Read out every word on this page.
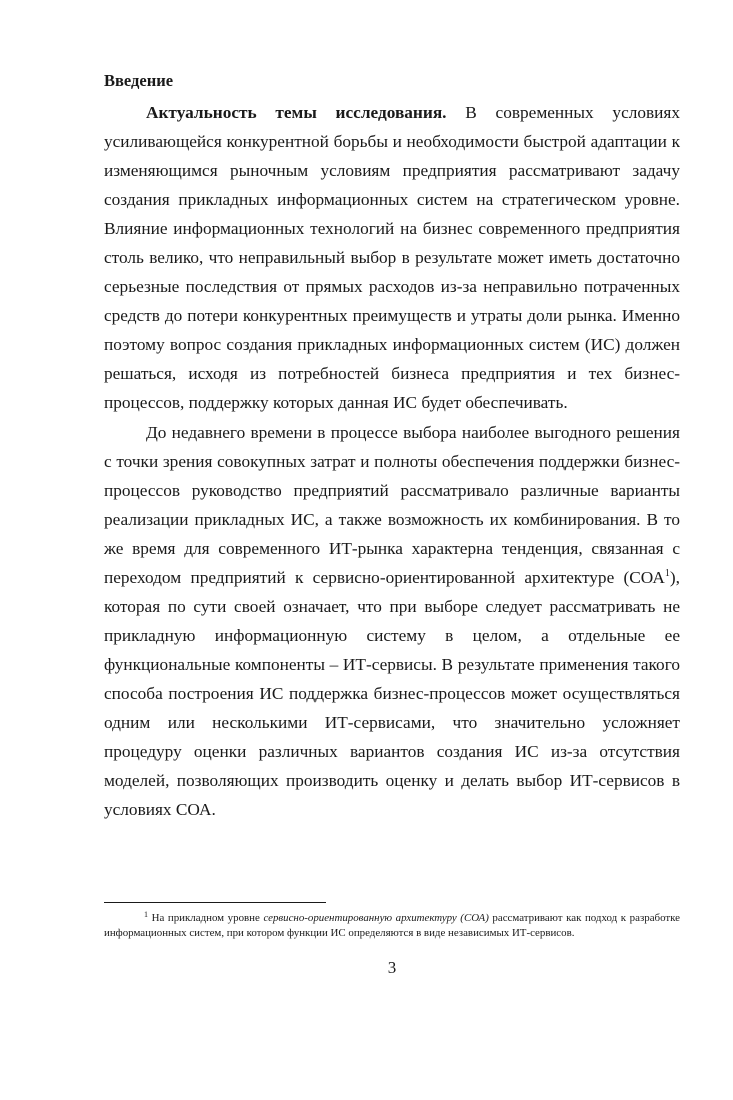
Введение

Актуальность темы исследования. В современных условиях усиливающейся конкурентной борьбы и необходимости быстрой адаптации к изменяющимся рыночным условиям предприятия рассматривают задачу создания прикладных информационных систем на стратегическом уровне. Влияние информационных технологий на бизнес современного предприятия столь велико, что неправильный выбор в результате может иметь достаточно серьезные последствия от прямых расходов из-за неправильно потраченных средств до потери конкурентных преимуществ и утраты доли рынка. Именно поэтому вопрос создания прикладных информационных систем (ИС) должен решаться, исходя из потребностей бизнеса предприятия и тех бизнес-процессов, поддержку которых данная ИС будет обеспечивать.

До недавнего времени в процессе выбора наиболее выгодного решения с точки зрения совокупных затрат и полноты обеспечения поддержки бизнес-процессов руководство предприятий рассматривало различные варианты реализации прикладных ИС, а также возможность их комбинирования. В то же время для современного ИТ-рынка характерна тенденция, связанная с переходом предприятий к сервисно-ориентированной архитектуре (СОА$^1$), которая по сути своей означает, что при выборе следует рассматривать не прикладную информационную систему в целом, а отдельные ее функциональные компоненты – ИТ-сервисы. В результате применения такого способа построения ИС поддержка бизнес-процессов может осуществляться одним или несколькими ИТ-сервисами, что значительно усложняет процедуру оценки различных вариантов создания ИС из-за отсутствия моделей, позволяющих производить оценку и делать выбор ИТ-сервисов в условиях СОА.

$^1$ На прикладном уровне сервисно-ориентированную архитектуру (СОА) рассматривают как подход к разработке информационных систем, при котором функции ИС определяются в виде независимых ИТ-сервисов.

3
